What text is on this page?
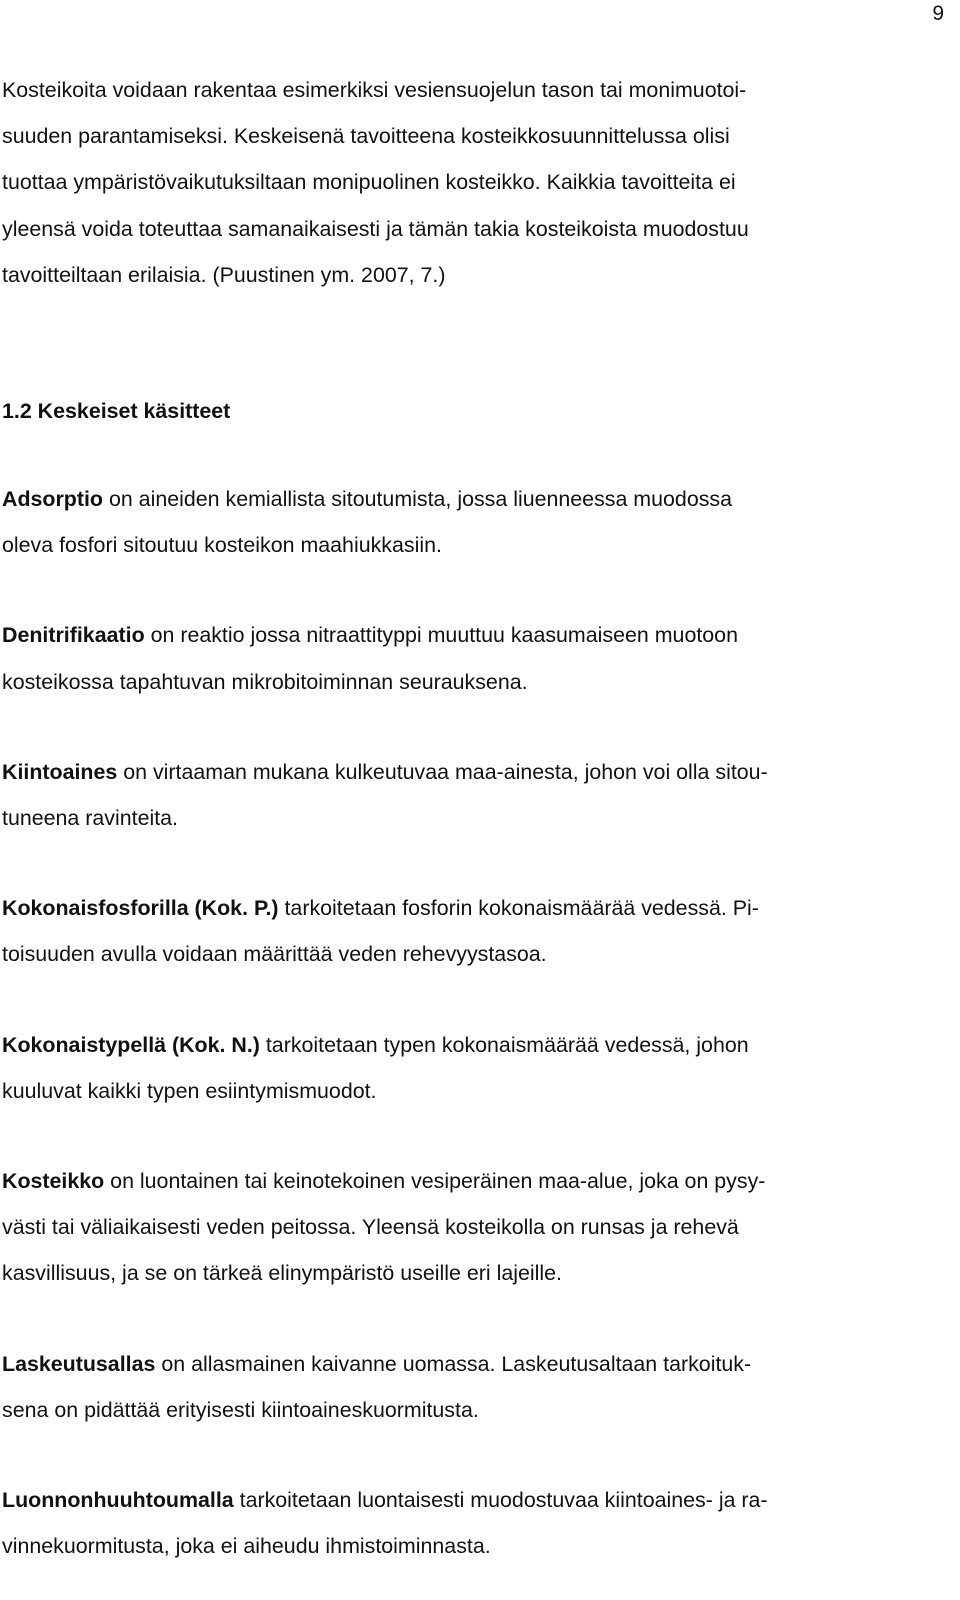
9

Kosteikoita voidaan rakentaa esimerkiksi vesiensuojelun tason tai monimuotoi-
suuden parantamiseksi. Keskeisenä tavoitteena kosteikkosuunnittelussa olisi
tuottaa ympäristövaikutuksiltaan monipuolinen kosteikko. Kaikkia tavoitteita ei
yleensä voida toteuttaa samanaikaisesti ja tämän takia kosteikoista muodostuu
tavoitteiltaan erilaisia. (Puustinen ym. 2007, 7.)

1.2 Keskeiset käsitteet

Adsorptio on aineiden kemiallista sitoutumista, jossa liuenneessa muodossa
oleva fosfori sitoutuu kosteikon maahiukkasiin.

Denitrifikaatio on reaktio jossa nitraattityppi muuttuu kaasumaiseen muotoon
kosteikossa tapahtuvan mikrobitoiminnan seurauksena.

Kiintoaines on virtaaman mukana kulkeutuvaa maa-ainesta, johon voi olla sitou-
tuneena ravinteita.

Kokonaisfosforilla (Kok. P.) tarkoitetaan fosforin kokonaismäärää vedessä. Pi-
toisuuden avulla voidaan määrittää veden rehevyystasoa.

Kokonaistypellä (Kok. N.) tarkoitetaan typen kokonaismäärää vedessä, johon
kuuluvat kaikki typen esiintymismuodot.

Kosteikko on luontainen tai keinotekoinen vesiperäinen maa-alue, joka on pysy-
västi tai väliaikaisesti veden peitossa. Yleensä kosteikolla on runsas ja rehevä
kasvillisuus, ja se on tärkeä elinympäristö useille eri lajeille.

Laskeutusallas on allasmainen kaivanne uomassa. Laskeutusaltaan tarkoituk-
sena on pidättää erityisesti kiintoaineskuormitusta.

Luonnonhuuhtoumalla tarkoitetaan luontaisesti muodostuvaa kiintoaines- ja ra-
vinnekuormitusta, joka ei aiheudu ihmistoiminnasta.
